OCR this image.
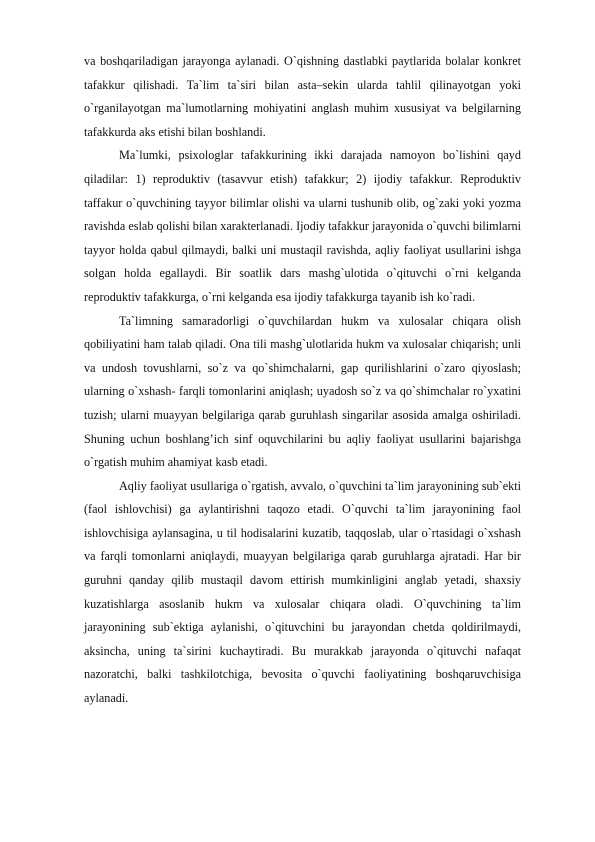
va boshqariladigan jarayonga aylanadi. O`qishning dastlabki paytlarida bolalar konkret tafakkur qilishadi. Ta`lim ta`siri bilan asta–sekin ularda tahlil qilinayotgan yoki o`rganilayotgan ma`lumotlarning mohiyatini anglash muhim xususiyat va belgilarning tafakkurda aks etishi bilan boshlandi.

Ma`lumki, psixologlar tafakkurining ikki darajada namoyon bo`lishini qayd qiladilar: 1) reproduktiv (tasavvur etish) tafakkur; 2) ijodiy tafakkur. Reproduktiv taffakur o`quvchining tayyor bilimlar olishi va ularni tushunib olib, og`zaki yoki yozma ravishda eslab qolishi bilan xarakterlanadi. Ijodiy tafakkur jarayonida o`quvchi bilimlarni tayyor holda qabul qilmaydi, balki uni mustaqil ravishda, aqliy faoliyat usullarini ishga solgan holda egallaydi. Bir soatlik dars mashg`ulotida o`qituvchi o`rni kelganda reproduktiv tafakkurga, o`rni kelganda esa ijodiy tafakkurga tayanib ish ko`radi.

Ta`limning samaradorligi o`quvchilardan hukm va xulosalar chiqara olish qobiliyatini ham talab qiladi. Ona tili mashg`ulotlarida hukm va xulosalar chiqarish; unli va undosh tovushlarni, so`z va qo`shimchalarni, gap qurilishlarini o`zaro qiyoslash; ularning o`xshash- farqli tomonlarini aniqlash; uyadosh so`z va qo`shimchalar ro`yxatini tuzish; ularni muayyan belgilariga qarab guruhlash singarilar asosida amalga oshiriladi. Shuning uchun boshlang’ich sinf oquvchilarini bu aqliy faoliyat usullarini bajarishga o`rgatish muhim ahamiyat kasb etadi.

Aqliy faoliyat usullariga o`rgatish, avvalo, o`quvchini ta`lim jarayonining sub`ekti (faol ishlovchisi) ga aylantirishni taqozo etadi. O`quvchi ta`lim jarayonining faol ishlovchisiga aylansagina, u til hodisalarini kuzatib, taqqoslab, ular o`rtasidagi o`xshash va farqli tomonlarni aniqlaydi, muayyan belgilariga qarab guruhlarga ajratadi. Har bir guruhni qanday qilib mustaqil davom ettirish mumkinligini anglab yetadi, shaxsiy kuzatishlarga asoslanib hukm va xulosalar chiqara oladi. O`quvchining ta`lim jarayonining sub`ektiga aylanishi, o`qituvchini bu jarayondan chetda qoldirilmaydi, aksincha, uning ta`sirini kuchaytiradi. Bu murakkab jarayonda o`qituvchi nafaqat nazoratchi, balki tashkilotchiga, bevosita o`quvchi faoliyatining boshqaruvchisiga aylanadi.
